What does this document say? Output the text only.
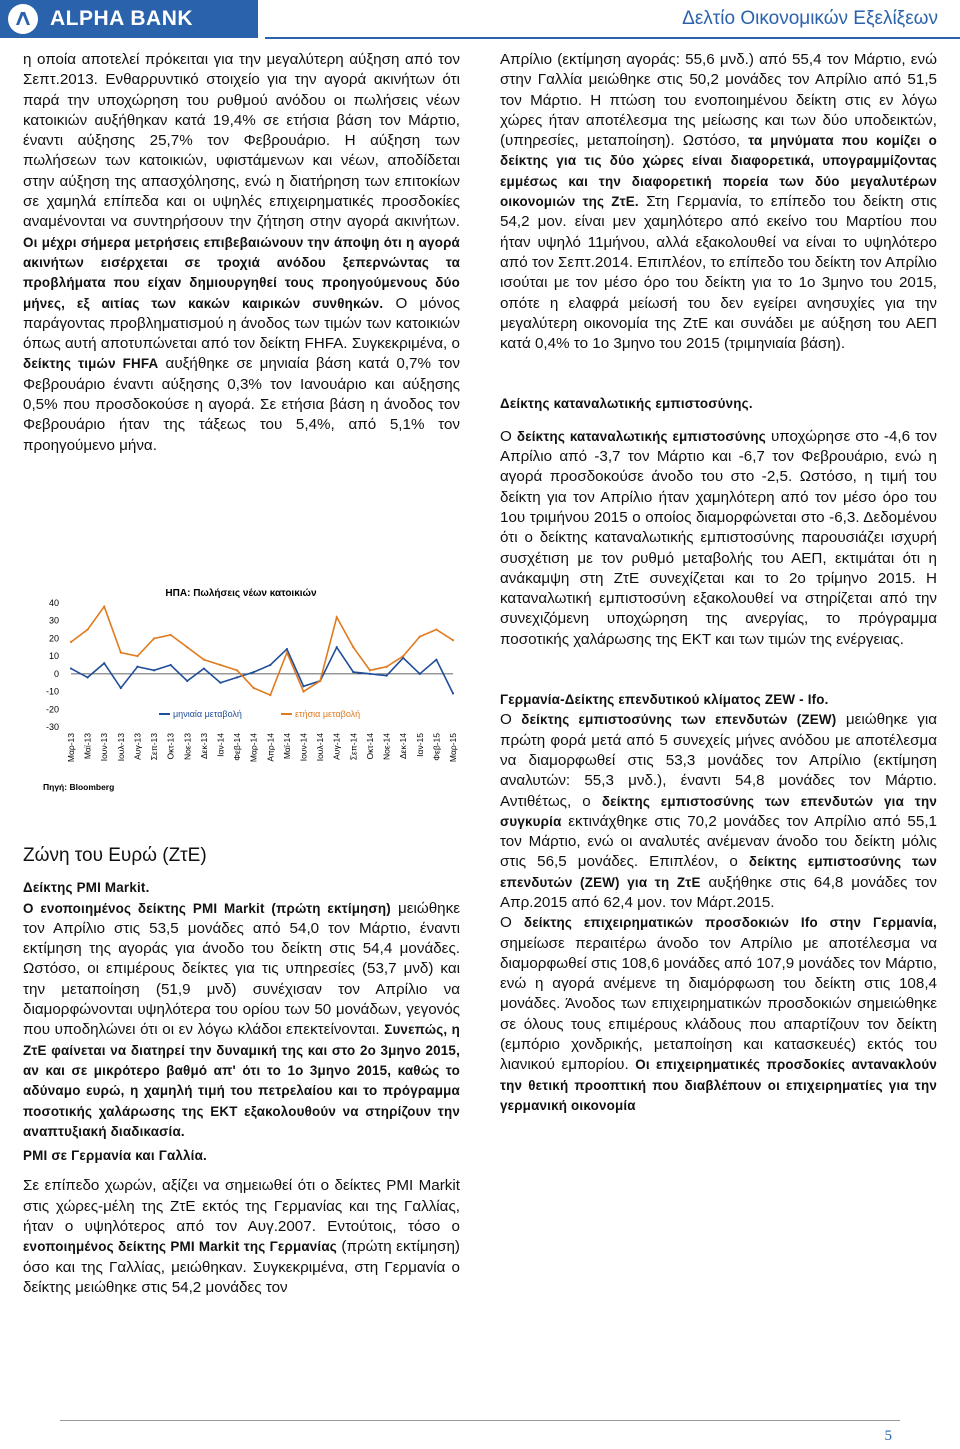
ALPHA BANK	Δελτίο Οικονομικών Εξελίξεων

η οποία αποτελεί πρόκειται για την μεγαλύτερη αύξηση από τον Σεπτ.2013. Ενθαρρυντικό στοιχείο για την αγορά ακινήτων ότι παρά την υποχώρηση του ρυθμού ανόδου οι πωλήσεις νέων κατοικιών αυξήθηκαν κατά 19,4% σε ετήσια βάση τον Μάρτιο, έναντι αύξησης 25,7% τον Φεβρουάριο. Η αύξηση των πωλήσεων των κατοικιών, υφιστάμενων και νέων, αποδίδεται στην αύξηση της απασχόλησης, ενώ η διατήρηση των επιτοκίων σε χαμηλά επίπεδα και οι υψηλές επιχειρηματικές προσδοκίες αναμένονται να συντηρήσουν την ζήτηση στην αγορά ακινήτων. Οι μέχρι σήμερα μετρήσεις επιβεβαιώνουν την άποψη ότι η αγορά ακινήτων εισέρχεται σε τροχιά ανόδου ξεπερνώντας τα προβλήματα που είχαν δημιουργηθεί τους προηγούμενους δύο μήνες, εξ αιτίας των κακών καιρικών συνθηκών. Ο μόνος παράγοντας προβληματισμού η άνοδος των τιμών των κατοικιών όπως αυτή αποτυπώνεται από τον δείκτη FHFA. Συγκεκριμένα, ο δείκτης τιμών FHFA αυξήθηκε σε μηνιαία βάση κατά 0,7% τον Φεβρουάριο έναντι αύξησης 0,3% τον Ιανουάριο και αύξησης 0,5% που προσδοκούσε η αγορά. Σε ετήσια βάση η άνοδος τον Φεβρουάριο ήταν της τάξεως του 5,4%, από 5,1% τον προηγούμενο μήνα.

ΗΠΑ: Πωλήσεις νέων κατοικιών
40
30
20
10
0
-10
-20
-30
μηνιαία μεταβολή	ετήσια μεταβολή
Μαρ-13 Μαϊ-13 Ιουν-13 Ιουλ-13 Αυγ-13 Σεπ-13 Οκτ-13 Νοε-13 Δεκ-13 Ιαν-14 Φεβ-14 Μαρ-14 Απρ-14 Μαϊ-14 Ιουν-14 Ιουλ-14 Αυγ-14 Σεπ-14 Οκτ-14 Νοε-14 Δεκ-14 Ιαν-15 Φεβ-15 Μαρ-15
Πηγή: Bloomberg

Ζώνη του Ευρώ (ΖτΕ)

Δείκτης PMI Markit.

Ο ενοποιημένος δείκτης PMI Markit (πρώτη εκτίμηση) μειώθηκε τον Απρίλιο στις 53,5 μονάδες από 54,0 τον Μάρτιο, έναντι εκτίμηση της αγοράς για άνοδο του δείκτη στις 54,4 μονάδες. Ωστόσο, οι επιμέρους δείκτες για τις υπηρεσίες (53,7 μνδ) και την μεταποίηση (51,9 μνδ) συνέχισαν τον Απρίλιο να διαμορφώνονται υψηλότερα του ορίου των 50 μονάδων, γεγονός που υποδηλώνει ότι οι εν λόγω κλάδοι επεκτείνονται. Συνεπώς, η ΖτΕ φαίνεται να διατηρεί την δυναμική της και στο 2ο 3μηνο 2015, αν και σε μικρότερο βαθμό απ' ότι το 1ο 3μηνο 2015, καθώς το αδύναμο ευρώ, η χαμηλή τιμή του πετρελαίου και το πρόγραμμα ποσοτικής χαλάρωσης της ΕΚΤ εξακολουθούν να στηρίζουν την αναπτυξιακή διαδικασία.

PMI σε Γερμανία και Γαλλία.

Σε επίπεδο χωρών, αξίζει να σημειωθεί ότι ο δείκτες PMI Markit στις χώρες-μέλη της ΖτΕ εκτός της Γερμανίας και της Γαλλίας, ήταν ο υψηλότερος από τον Αυγ.2007. Εντούτοις, τόσο ο ενοποιημένος δείκτης PMI Markit της Γερμανίας (πρώτη εκτίμηση) όσο και της Γαλλίας, μειώθηκαν. Συγκεκριμένα, στη Γερμανία ο δείκτης μειώθηκε στις 54,2 μονάδες τον

Απρίλιο (εκτίμηση αγοράς: 55,6 μνδ.) από 55,4 τον Μάρτιο, ενώ στην Γαλλία μειώθηκε στις 50,2 μονάδες τον Απρίλιο από 51,5 τον Μάρτιο. Η πτώση του ενοποιημένου δείκτη στις εν λόγω χώρες ήταν αποτέλεσμα της μείωσης και των δύο υποδεικτών, (υπηρεσίες, μεταποίηση). Ωστόσο, τα μηνύματα που κομίζει ο δείκτης για τις δύο χώρες είναι διαφορετικά, υπογραμμίζοντας εμμέσως και την διαφορετική πορεία των δύο μεγαλυτέρων οικονομιών της ΖτΕ. Στη Γερμανία, το επίπεδο του δείκτη στις 54,2 μον. είναι μεν χαμηλότερο από εκείνο του Μαρτίου που ήταν υψηλό 11μήνου, αλλά εξακολουθεί να είναι το υψηλότερο από τον Σεπτ.2014. Επιπλέον, το επίπεδο του δείκτη τον Απρίλιο ισούται με τον μέσο όρο του δείκτη για το 1ο 3μηνο του 2015, οπότε η ελαφρά μείωσή του δεν εγείρει ανησυχίες για την μεγαλύτερη οικονομία της ΖτΕ και συνάδει με αύξηση του ΑΕΠ κατά 0,4% το 1ο 3μηνο του 2015 (τριμηνιαία βάση).

Δείκτης καταναλωτικής εμπιστοσύνης.

Ο δείκτης καταναλωτικής εμπιστοσύνης υποχώρησε στο -4,6 τον Απρίλιο από -3,7 τον Μάρτιο και -6,7 τον Φεβρουάριο, ενώ η αγορά προσδοκούσε άνοδο του στο -2,5. Ωστόσο, η τιμή του δείκτη για τον Απρίλιο ήταν χαμηλότερη από τον μέσο όρο του 1ου τριμήνου 2015 ο οποίος διαμορφώνεται στο -6,3. Δεδομένου ότι ο δείκτης καταναλωτικής εμπιστοσύνης παρουσιάζει ισχυρή συσχέτιση με τον ρυθμό μεταβολής του ΑΕΠ, εκτιμάται ότι η ανάκαμψη στη ΖτΕ συνεχίζεται και το 2ο τρίμηνο 2015. Η καταναλωτική εμπιστοσύνη εξακολουθεί να στηρίζεται από την συνεχιζόμενη υποχώρηση της ανεργίας, το πρόγραμμα ποσοτικής χαλάρωσης της ΕΚΤ και των τιμών της ενέργειας.

Γερμανία-Δείκτης επενδυτικού κλίματος ZEW - Ifo.

Ο δείκτης εμπιστοσύνης των επενδυτών (ZEW) μειώθηκε για πρώτη φορά μετά από 5 συνεχείς μήνες ανόδου με αποτέλεσμα να διαμορφωθεί στις 53,3 μονάδες τον Απρίλιο (εκτίμηση αναλυτών: 55,3 μνδ.), έναντι 54,8 μονάδες τον Μάρτιο. Αντιθέτως, ο δείκτης εμπιστοσύνης των επενδυτών για την συγκυρία εκτινάχθηκε στις 70,2 μονάδες τον Απρίλιο από 55,1 τον Μάρτιο, ενώ οι αναλυτές ανέμεναν άνοδο του δείκτη μόλις στις 56,5 μονάδες. Επιπλέον, ο δείκτης εμπιστοσύνης των επενδυτών (ZEW) για τη ΖτΕ αυξήθηκε στις 64,8 μονάδες τον Απρ.2015 από 62,4 μον. τον Μάρτ.2015.

Ο δείκτης επιχειρηματικών προσδοκιών Ifo στην Γερμανία, σημείωσε περαιτέρω άνοδο τον Απρίλιο με αποτέλεσμα να διαμορφωθεί στις 108,6 μονάδες από 107,9 μονάδες τον Μάρτιο, ενώ η αγορά ανέμενε τη διαμόρφωση του δείκτη στις 108,4 μονάδες. Άνοδος των επιχειρηματικών προσδοκιών σημειώθηκε σε όλους τους επιμέρους κλάδους που απαρτίζουν τον δείκτη (εμπόριο χονδρικής, μεταποίηση και κατασκευές) εκτός του λιανικού εμπορίου. Οι επιχειρηματικές προσδοκίες αντανακλούν την θετική προοπτική που διαβλέπουν οι επιχειρηματίες για την γερμανική οικονομία

5
